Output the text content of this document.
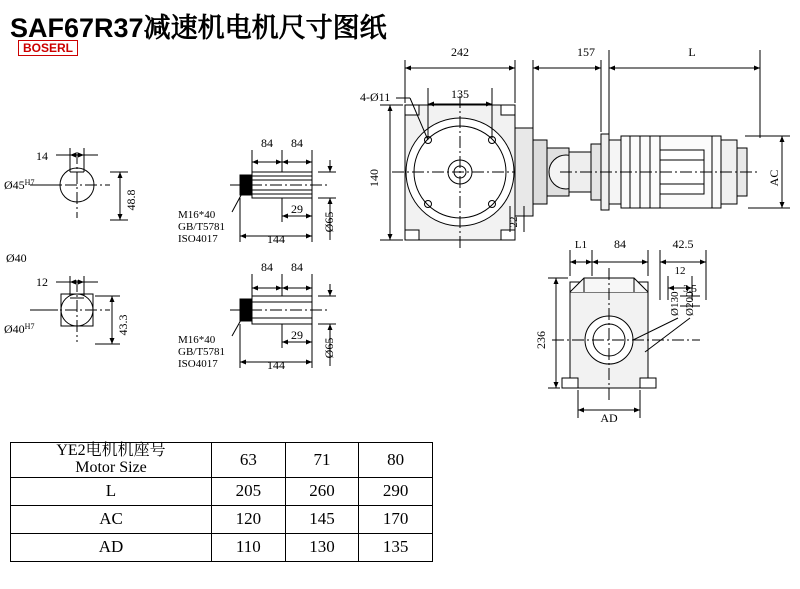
SAF67R37减速机电机尺寸图纸
BOSERL
14
48.8
242
135
140
22
157	L
AC
84 84
29
144
Ø65
84 84
29
144
Ø65
12
43.3
L1 84	42.5
12
3.5
236
AD
$Ø45^{H7}$
Ø40
$Ø40^{H7}$
4-Ø11
Ø130 Ø200
M16*40
GB/T5781
ISO4017
M16*40
GB/T5781
ISO4017
YE2电机机座号
Motor Size	63	71	80
L	205	260	290
AC	120	145	170
AD	110	130	135
